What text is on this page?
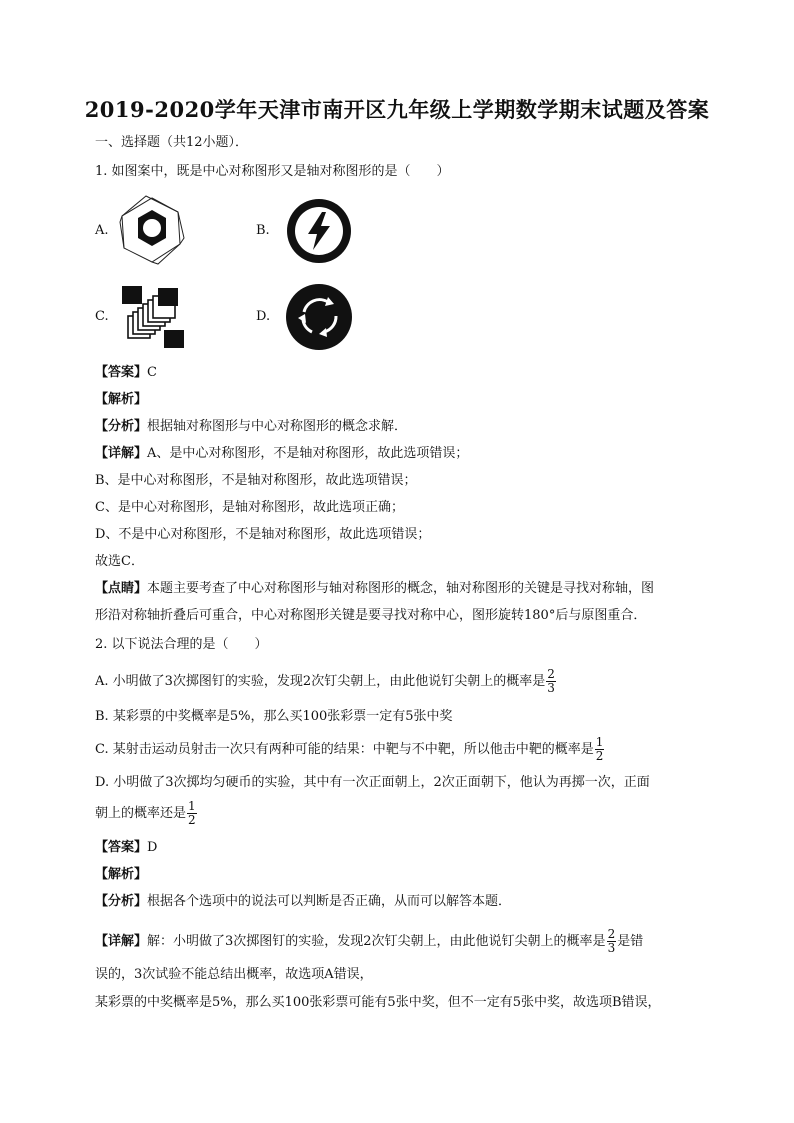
2019-2020学年天津市南开区九年级上学期数学期末试题及答案
一、选择题（共12小题）．
1. 如图案中，既是中心对称图形又是轴对称图形的是（　　）
A.	B.
C.	D.
【答案】C
【解析】
【分析】根据轴对称图形与中心对称图形的概念求解．
【详解】A、是中心对称图形，不是轴对称图形，故此选项错误；
B、是中心对称图形，不是轴对称图形，故此选项错误；
C、是中心对称图形，是轴对称图形，故此选项正确；
D、不是中心对称图形，不是轴对称图形，故此选项错误；
故选C．
【点睛】本题主要考查了中心对称图形与轴对称图形的概念，轴对称图形的关键是寻找对称轴，图
形沿对称轴折叠后可重合，中心对称图形关键是要寻找对称中心，图形旋转180°后与原图重合．
2. 以下说法合理的是（　　）
A. 小明做了3次掷图钉的实验，发现2次钉尖朝上，由此他说钉尖朝上的概率是 $\frac{2}{3}$
B. 某彩票的中奖概率是5%，那么买100张彩票一定有5张中奖
C. 某射击运动员射击一次只有两种可能的结果：中靶与不中靶，所以他击中靶的概率是 $\frac{1}{2}$
D. 小明做了3次掷均匀硬币的实验，其中有一次正面朝上，2次正面朝下，他认为再掷一次，正面
朝上的概率还是 $\frac{1}{2}$
【答案】D
【解析】
【分析】根据各个选项中的说法可以判断是否正确，从而可以解答本题．
【详解】解：小明做了3次掷图钉的实验，发现2次钉尖朝上，由此他说钉尖朝上的概率是 $\frac{2}{3}$ 是错
误的，3次试验不能总结出概率，故选项A错误，
某彩票的中奖概率是5%，那么买100张彩票可能有5张中奖，但不一定有5张中奖，故选项B错误，
